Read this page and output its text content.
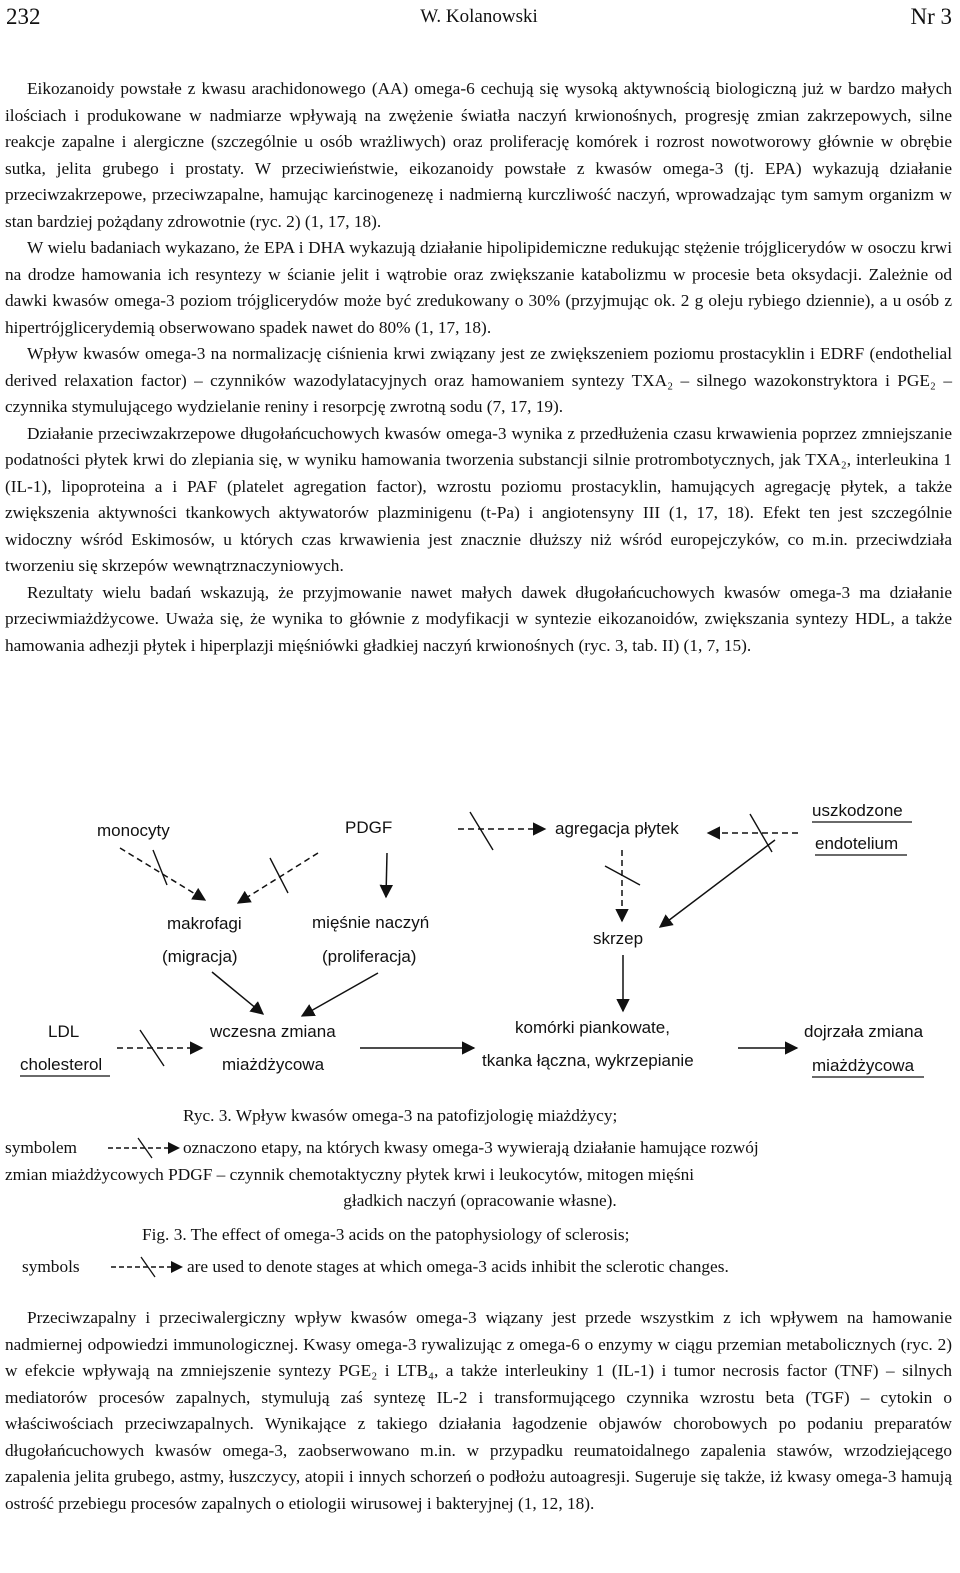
232	W. Kolanowski	Nr 3

Eikozanoidy powstałe z kwasu arachidonowego (AA) omega-6 cechują się wysoką aktywnością biologiczną już w bardzo małych ilościach i produkowane w nadmiarze wpływają na zwężenie światła naczyń krwionośnych, progresję zmian zakrzepowych, silne reakcje zapalne i alergiczne (szczególnie u osób wrażliwych) oraz proliferację komórek i rozrost nowotworowy głównie w obrębie sutka, jelita grubego i prostaty. W przeciwieństwie, eikozanoidy powstałe z kwasów omega-3 (tj. EPA) wykazują działanie przeciwzakrzepowe, przeciwzapalne, hamując karcinogenezę i nadmierną kurczliwość naczyń, wprowadzając tym samym organizm w stan bardziej pożądany zdrowotnie (ryc. 2) (1, 17, 18).

W wielu badaniach wykazano, że EPA i DHA wykazują działanie hipolipidemiczne redukując stężenie trójglicerydów w osoczu krwi na drodze hamowania ich resyntezy w ścianie jelit i wątrobie oraz zwiększanie katabolizmu w procesie beta oksydacji. Zależnie od dawki kwasów omega-3 poziom trójglicerydów może być zredukowany o 30% (przyjmując ok. 2 g oleju rybiego dziennie), a u osób z hipertrójglicerydemią obserwowano spadek nawet do 80% (1, 17, 18).

Wpływ kwasów omega-3 na normalizację ciśnienia krwi związany jest ze zwiększeniem poziomu prostacyklin i EDRF (endothelial derived relaxation factor) – czynników wazodylatacyjnych oraz hamowaniem syntezy TXA₂ – silnego wazokonstryktora i PGE₂ – czynnika stymulującego wydzielanie reniny i resorpcję zwrotną sodu (7, 17, 19).

Działanie przeciwzakrzepowe długołańcuchowych kwasów omega-3 wynika z przedłużenia czasu krwawienia poprzez zmniejszanie podatności płytek krwi do zlepiania się, w wyniku hamowania tworzenia substancji silnie protrombotycznych, jak TXA₂, interleukina 1 (IL-1), lipoproteina a i PAF (platelet agregation factor), wzrostu poziomu prostacyklin, hamujących agregację płytek, a także zwiększenia aktywności tkankowych aktywatorów plazminigenu (t-Pa) i angiotensyny III (1, 17, 18). Efekt ten jest szczególnie widoczny wśród Eskimosów, u których czas krwawienia jest znacznie dłuższy niż wśród europejczyków, co m.in. przeciwdziała tworzeniu się skrzepów wewnątrznaczyniowych.

Rezultaty wielu badań wskazują, że przyjmowanie nawet małych dawek długołańcuchowych kwasów omega-3 ma działanie przeciwmiażdżycowe. Uważa się, że wynika to głównie z modyfikacji w syntezie eikozanoidów, zwiększania syntezy HDL, a także hamowania adhezji płytek i hiperplazji mięśniówki gładkiej naczyń krwionośnych (ryc. 3, tab. II) (1, 7, 15).

monocyty	PDGF	agregacja płytek
uszkodzone
endotelium
makrofagi
(migracja)
mięśnie naczyń
(proliferacja)
skrzep
LDL
cholesterol
wczesna zmiana
miażdżycowa
komórki piankowate,
tkanka łączna, wykrzepianie
dojrzała zmiana
miażdżycowa
Ryc. 3. Wpływ kwasów omega-3 na patofizjologię miażdżycy;
symbolem	oznaczono etapy, na których kwasy omega-3 wywierają działanie hamujące rozwój
zmian miażdżycowych PDGF – czynnik chemotaktyczny płytek krwi i leukocytów, mitogen mięśni
gładkich naczyń (opracowanie własne).
Fig. 3. The effect of omega-3 acids on the patophysiology of sclerosis;
symbols	are used to denote stages at which omega-3 acids inhibit the sclerotic changes.

Przeciwzapalny i przeciwalergiczny wpływ kwasów omega-3 wiązany jest przede wszystkim z ich wpływem na hamowanie nadmiernej odpowiedzi immunologicznej. Kwasy omega-3 rywalizując z omega-6 o enzymy w ciągu przemian metabolicznych (ryc. 2) w efekcie wpływają na zmniejszenie syntezy PGE₂ i LTB₄, a także interleukiny 1 (IL-1) i tumor necrosis factor (TNF) – silnych mediatorów procesów zapalnych, stymulują zaś syntezę IL-2 i transformującego czynnika wzrostu beta (TGF) – cytokin o właściwościach przeciwzapalnych. Wynikające z takiego działania łagodzenie objawów chorobowych po podaniu preparatów długołańcuchowych kwasów omega-3, zaobserwowano m.in. w przypadku reumatoidalnego zapalenia stawów, wrzodziejącego zapalenia jelita grubego, astmy, łuszczycy, atopii i innych schorzeń o podłożu autoagresji. Sugeruje się także, iż kwasy omega-3 hamują ostrość przebiegu procesów zapalnych o etiologii wirusowej i bakteryjnej (1, 12, 18).
